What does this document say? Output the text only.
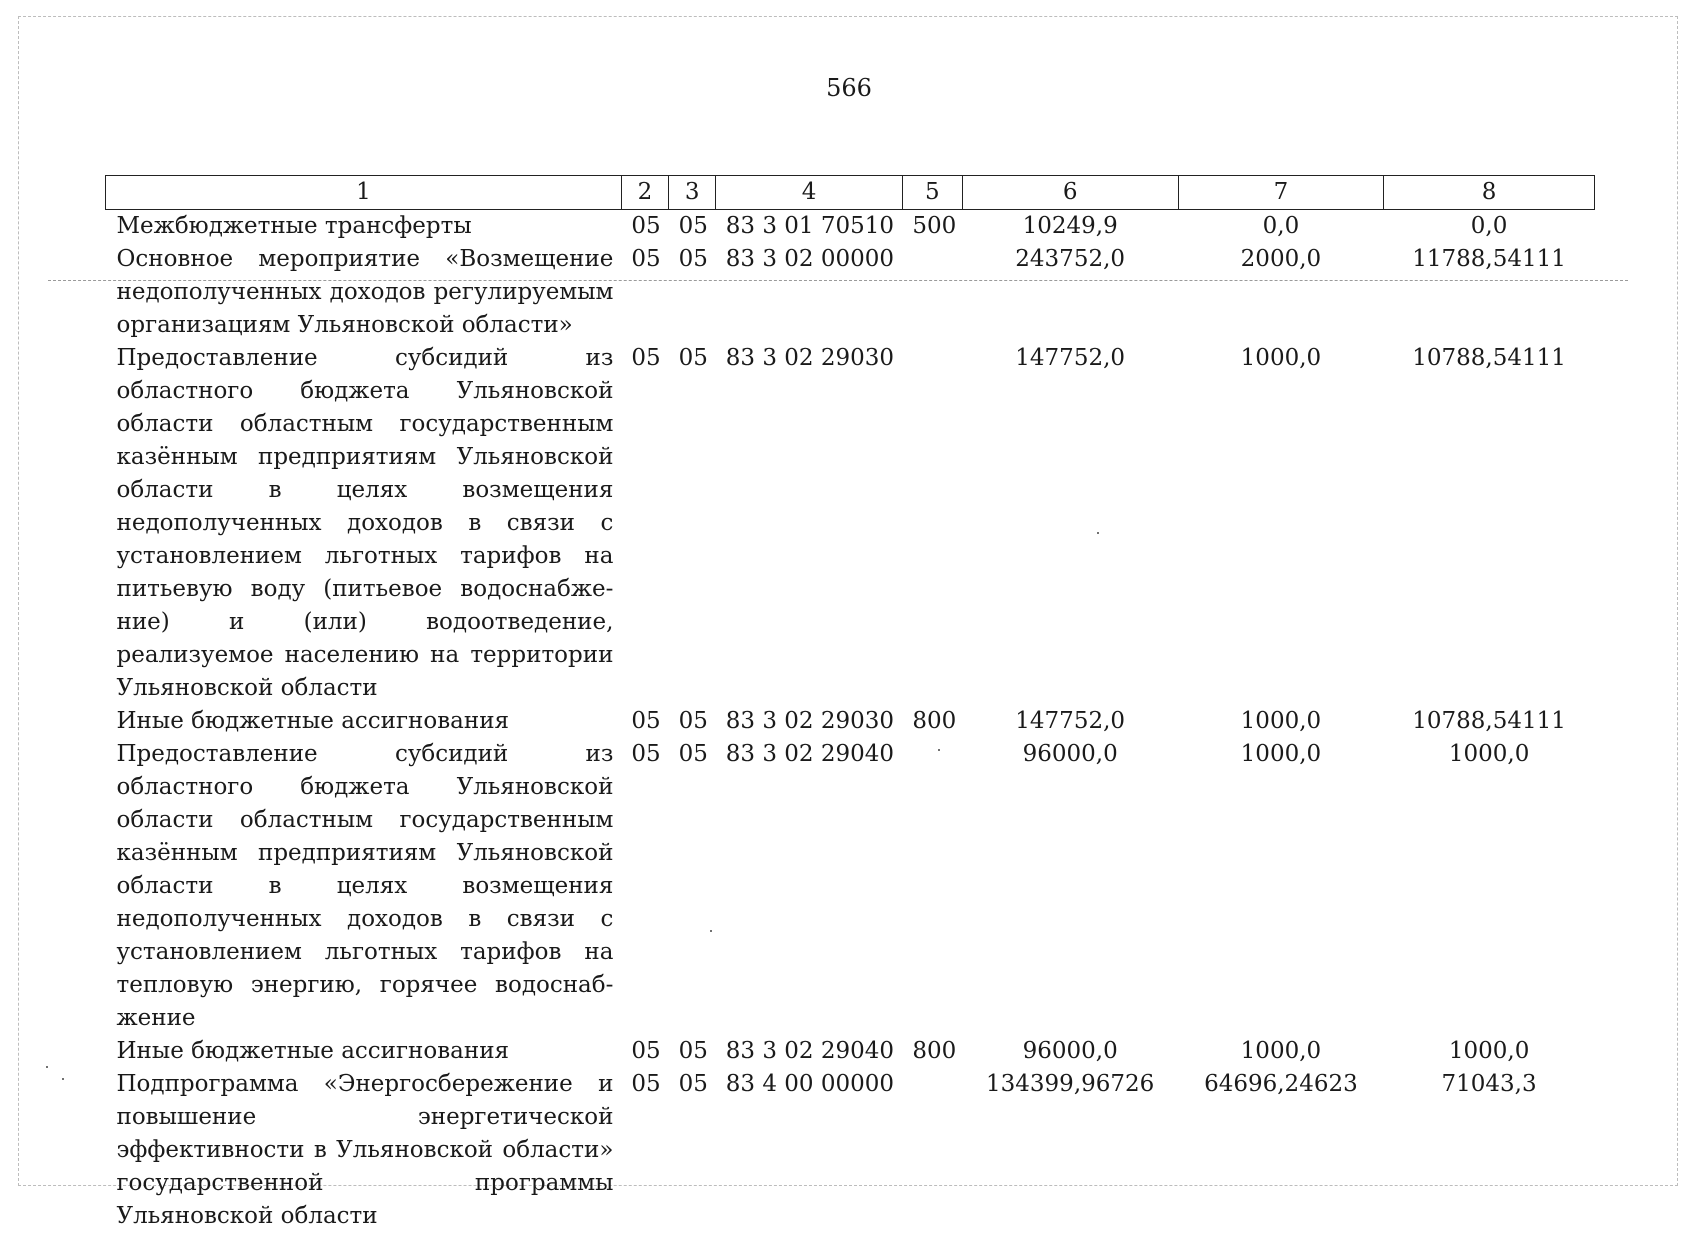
566
1	2	3	4	5	6	7	8
Межбюджетные трансферты	05	05	83 3 01 70510	500	10249,9	0,0	0,0
Основное мероприятие «Возмещение недополученных доходов регулируемым организациям Ульяновской области»	05	05	83 3 02 00000		243752,0	2000,0	11788,54111
Предоставление субсидий из областного бюджета Ульяновской области областным государственным казённым предприятиям Ульяновской области в целях возмещения недополученных доходов в связи с установлением льготных тарифов на питьевую воду (питьевое водоснабжение) и (или) водоотведение, реализуемое населению на территории Ульяновской области	05	05	83 3 02 29030		147752,0	1000,0	10788,54111
Иные бюджетные ассигнования	05	05	83 3 02 29030	800	147752,0	1000,0	10788,54111
Предоставление субсидий из областного бюджета Ульяновской области областным государственным казённым предприятиям Ульяновской области в целях возмещения недополученных доходов в связи с установлением льготных тарифов на тепловую энергию, горячее водоснабжение	05	05	83 3 02 29040		96000,0	1000,0	1000,0
Иные бюджетные ассигнования	05	05	83 3 02 29040	800	96000,0	1000,0	1000,0
Подпрограмма «Энергосбережение и повышение энергетической эффективности в Ульяновской области» государственной программы Ульяновской области	05	05	83 4 00 00000		134399,96726	64696,24623	71043,3
